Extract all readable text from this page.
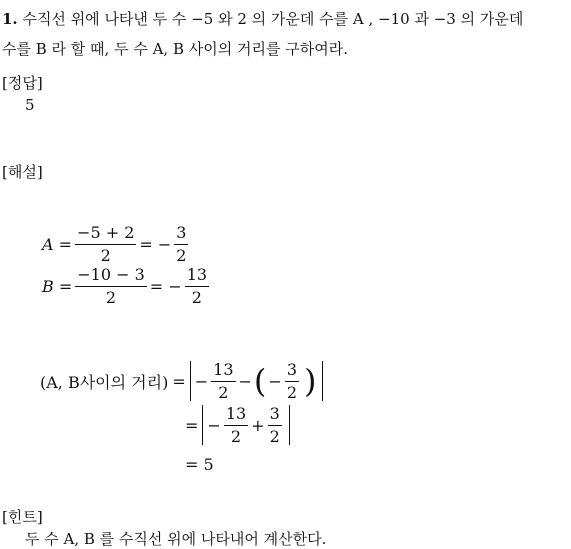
1. 수직선 위에 나타낸 두 수 −5 와 2 의 가운데 수를 A , −10 과 −3 의 가운데
수를 B 라 할 때, 두 수 A, B 사이의 거리를 구하여라.
[정답]
5
[해설]
$A = \frac{-5 + 2}{2}$ = − $\frac{3}{2}$
$B = \frac{-10 - 3}{2}$ = − $\frac{13}{2}$
(A, B사이의 거리) = − $\frac{13}{2}$ − ( − $\frac{3}{2}$ )
= − $\frac{13}{2} + \frac{3}{2}$
= 5
[힌트]
두 수 A, B 를 수직선 위에 나타내어 계산한다.
